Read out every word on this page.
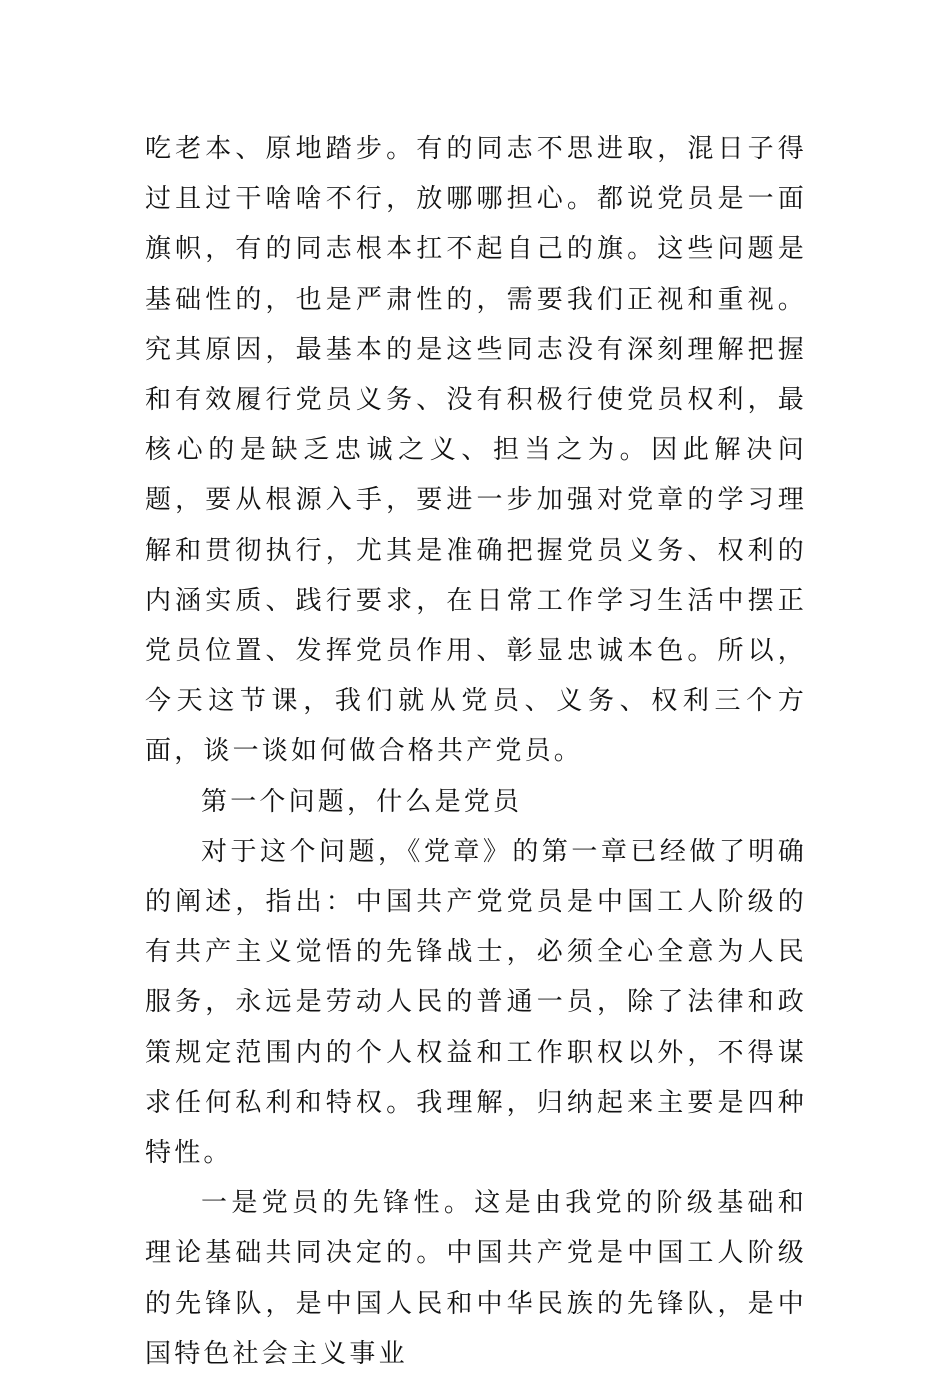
吃老本、原地踏步。有的同志不思进取，混日子得过且过干啥啥不行，放哪哪担心。都说党员是一面旗帜，有的同志根本扛不起自己的旗。这些问题是基础性的，也是严肃性的，需要我们正视和重视。究其原因，最基本的是这些同志没有深刻理解把握和有效履行党员义务、没有积极行使党员权利，最核心的是缺乏忠诚之义、担当之为。因此解决问题，要从根源入手，要进一步加强对党章的学习理解和贯彻执行，尤其是准确把握党员义务、权利的内涵实质、践行要求，在日常工作学习生活中摆正党员位置、发挥党员作用、彰显忠诚本色。所以，今天这节课，我们就从党员、义务、权利三个方面，谈一谈如何做合格共产党员。

第一个问题，什么是党员

对于这个问题，《党章》的第一章已经做了明确的阐述，指出：中国共产党党员是中国工人阶级的有共产主义觉悟的先锋战士，必须全心全意为人民服务，永远是劳动人民的普通一员，除了法律和政策规定范围内的个人权益和工作职权以外，不得谋求任何私利和特权。我理解，归纳起来主要是四种特性。

一是党员的先锋性。这是由我党的阶级基础和理论基础共同决定的。中国共产党是中国工人阶级的先锋队，是中国人民和中华民族的先锋队，是中国特色社会主义事业
